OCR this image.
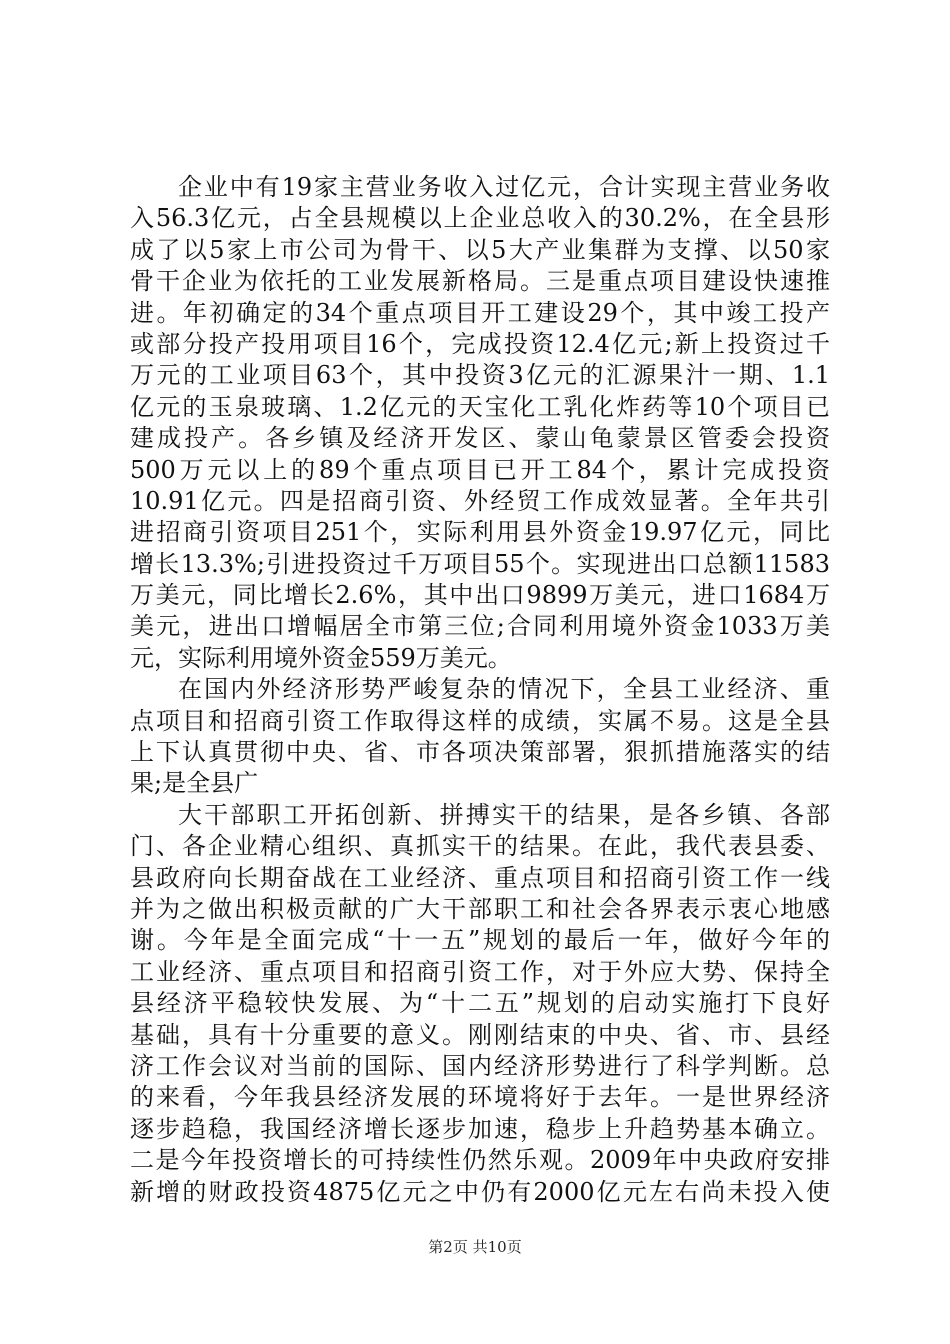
企业中有19家主营业务收入过亿元，合计实现主营业务收
入56.3亿元，占全县规模以上企业总收入的30.2%，在全县形
成了以5家上市公司为骨干、以5大产业集群为支撑、以50家
骨干企业为依托的工业发展新格局。三是重点项目建设快速推
进。年初确定的34个重点项目开工建设29个，其中竣工投产
或部分投产投用项目16个，完成投资12.4亿元;新上投资过千
万元的工业项目63个，其中投资3亿元的汇源果汁一期、1.1
亿元的玉泉玻璃、1.2亿元的天宝化工乳化炸药等10个项目已
建成投产。各乡镇及经济开发区、蒙山龟蒙景区管委会投资
500万元以上的89个重点项目已开工84个，累计完成投资
10.91亿元。四是招商引资、外经贸工作成效显著。全年共引
进招商引资项目251个，实际利用县外资金19.97亿元，同比
增长13.3%;引进投资过千万项目55个。实现进出口总额11583
万美元，同比增长2.6%，其中出口9899万美元，进口1684万
美元，进出口增幅居全市第三位;合同利用境外资金1033万美
元，实际利用境外资金559万美元。
在国内外经济形势严峻复杂的情况下，全县工业经济、重
点项目和招商引资工作取得这样的成绩，实属不易。这是全县
上下认真贯彻中央、省、市各项决策部署，狠抓措施落实的结
果;是全县广
大干部职工开拓创新、拼搏实干的结果，是各乡镇、各部
门、各企业精心组织、真抓实干的结果。在此，我代表县委、
县政府向长期奋战在工业经济、重点项目和招商引资工作一线
并为之做出积极贡献的广大干部职工和社会各界表示衷心地感
谢。今年是全面完成“十一五”规划的最后一年，做好今年的
工业经济、重点项目和招商引资工作，对于外应大势、保持全
县经济平稳较快发展、为“十二五”规划的启动实施打下良好
基础，具有十分重要的意义。刚刚结束的中央、省、市、县经
济工作会议对当前的国际、国内经济形势进行了科学判断。总
的来看，今年我县经济发展的环境将好于去年。一是世界经济
逐步趋稳，我国经济增长逐步加速，稳步上升趋势基本确立。
二是今年投资增长的可持续性仍然乐观。2009年中央政府安排
新增的财政投资4875亿元之中仍有2000亿元左右尚未投入使
第2页 共10页
